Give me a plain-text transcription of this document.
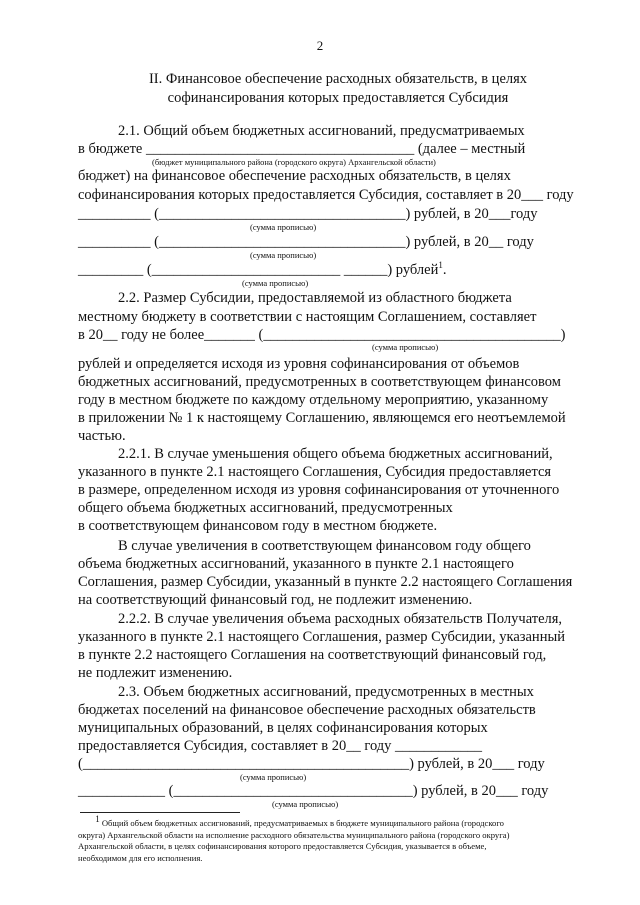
2
II. Финансовое обеспечение расходных обязательств, в целях
софинансирования которых предоставляется Субсидия
2.1. Общий объем бюджетных ассигнований, предусматриваемых
в бюджете _____________________________________ (далее – местный
(бюджет муниципального района (городского округа) Архангельской области)
бюджет) на финансовое обеспечение расходных обязательств, в целях
софинансирования которых предоставляется Субсидия, составляет в 20___ году
__________ (__________________________________) рублей, в 20___году
(сумма прописью)
__________ (__________________________________) рублей, в 20__ году
(сумма прописью)
_________ (__________________________ ______) рублей$^1$.
(сумма прописью)
2.2. Размер Субсидии, предоставляемой из областного бюджета
местному бюджету в соответствии с настоящим Соглашением, составляет
в 20__ году не более_______ (_________________________________________)
(сумма прописью)
рублей и определяется исходя из уровня софинансирования от объемов
бюджетных ассигнований, предусмотренных в соответствующем финансовом
году в местном бюджете по каждому отдельному мероприятию, указанному
в приложении № 1 к настоящему Соглашению, являющемся его неотъемлемой
частью.
2.2.1. В случае уменьшения общего объема бюджетных ассигнований,
указанного в пункте 2.1 настоящего Соглашения, Субсидия предоставляется
в размере, определенном исходя из уровня софинансирования от уточненного
общего объема бюджетных ассигнований, предусмотренных
в соответствующем финансовом году в местном бюджете.
В случае увеличения в соответствующем финансовом году общего
объема бюджетных ассигнований, указанного в пункте 2.1 настоящего
Соглашения, размер Субсидии, указанный в пункте 2.2 настоящего Соглашения
на соответствующий финансовый год, не подлежит изменению.
2.2.2. В случае увеличения объема расходных обязательств Получателя,
указанного в пункте 2.1 настоящего Соглашения, размер Субсидии, указанный
в пункте 2.2 настоящего Соглашения на соответствующий финансовый год,
не подлежит изменению.
2.3. Объем бюджетных ассигнований, предусмотренных в местных
бюджетах поселений на финансовое обеспечение расходных обязательств
муниципальных образований, в целях софинансирования которых
предоставляется Субсидия, составляет в 20__ году ____________
(_____________________________________________) рублей, в 20___ году
(сумма прописью)
____________ (_________________________________) рублей, в 20___ году
(сумма прописью)
$^1$ Общий объем бюджетных ассигнований, предусматриваемых в бюджете муниципального района (городского
округа) Архангельской области на исполнение расходного обязательства муниципального района (городского округа)
Архангельской области, в целях софинансирования которого предоставляется Субсидия, указывается в объеме,
необходимом для его исполнения.
